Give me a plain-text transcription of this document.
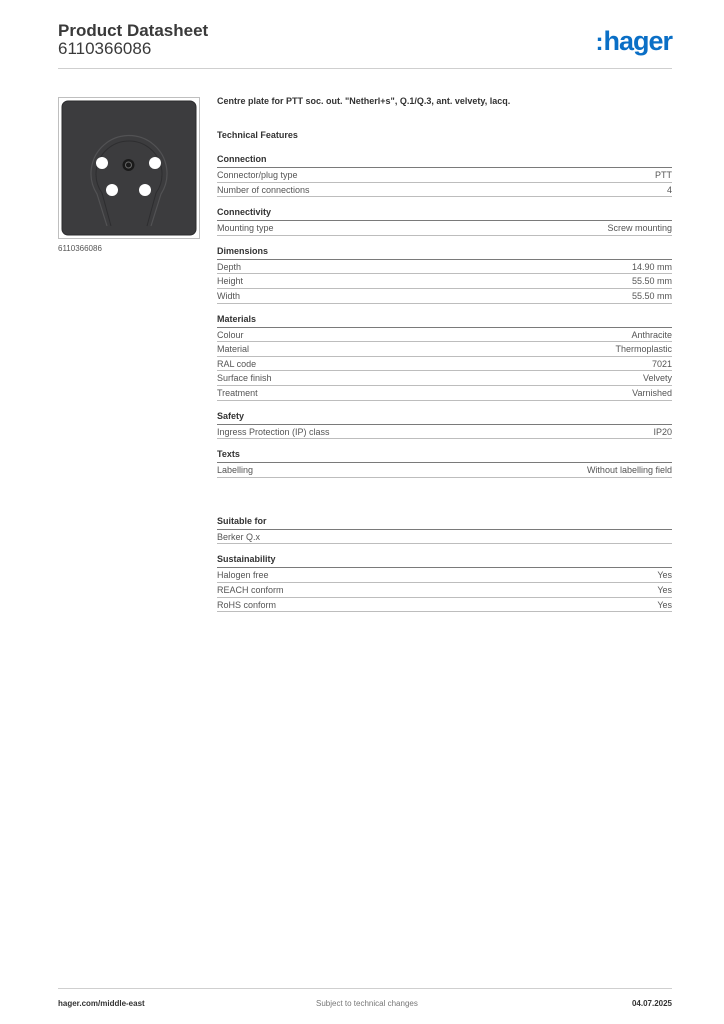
Product Datasheet
6110366086	:hager
6110366086
Centre plate for PTT soc. out. "Netherl+s", Q.1/Q.3, ant. velvety, lacq.
Technical Features
Connection
Connector/plug type	PTT
Number of connections	4
Connectivity
Mounting type	Screw mounting
Dimensions
Depth	14.90 mm
Height	55.50 mm
Width	55.50 mm
Materials
Colour	Anthracite
Material	Thermoplastic
RAL code	7021
Surface finish	Velvety
Treatment	Varnished
Safety
Ingress Protection (IP) class	IP20
Texts
Labelling	Without labelling field
Suitable for
Berker Q.x
Sustainability
Halogen free	Yes
REACH conform	Yes
RoHS conform	Yes
hager.com/middle-east	Subject to technical changes	04.07.2025
